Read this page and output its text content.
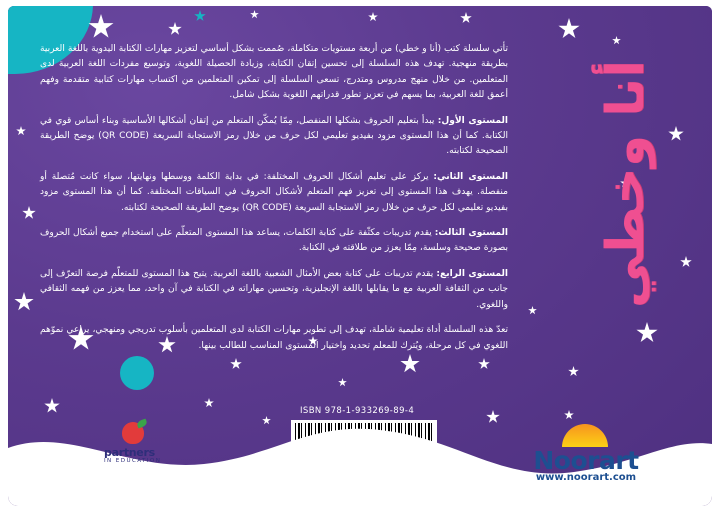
تأتي سلسلة كتب (أنا و خطي) من أربعة مستويات متكاملة، صُممت بشكل أساسي لتعزيز مهارات الكتابة اليدوية باللغة العربية بطريقة منهجية. تهدف هذه السلسلة إلى تحسين إتقان الكتابة، وزيادة الحصيلة اللغوية، وتوسيع مفردات اللغة العربية لدى المتعلمين. من خلال منهج مدروس ومتدرج، تسعى السلسلة إلى تمكين المتعلمين من اكتساب مهارات كتابية متقدمة وفهم أعمق للغة العربية، بما يسهم في تعزيز تطور قدراتهم اللغوية بشكل شامل.

المستوى الأول: يبدأ بتعليم الحروف بشكلها المنفصل، مِمّا يُمكّن المتعلم من إتقان أشكالها الأساسية وبناء أساس قوي في الكتابة. كما أن هذا المستوى مزود بفيديو تعليمي لكل حرف من خلال رمز الاستجابة السريعة (QR CODE) يوضح الطريقة الصحيحة لكتابته.

المستوى الثاني: يركز على تعليم أشكال الحروف المختلفة: في بداية الكلمة ووسطها ونهايتها، سواء كانت مُتصلة أو منفصلة. يهدف هذا المستوى إلى تعزيز فهم المتعلم لأشكال الحروف في السياقات المختلفة. كما أن هذا المستوى مزود بفيديو تعليمي لكل حرف من خلال رمز الاستجابة السريعة (QR CODE) يوضح الطريقة الصحيحة لكتابته.

المستوى الثالث: يقدم تدريبات مكثّفة على كتابة الكلمات، يساعد هذا المستوى المتعلّم على استخدام جميع أشكال الحروف بصورة صحيحة وسلسة، مِمّا يعزز من طلاقته في الكتابة.

المستوى الرابع: يقدم تدريبات على كتابة بعض الأمثال الشعبية باللغة العربية. يتيح هذا المستوى للمتعلّم فرصة التعرّف إلى جانب من الثقافة العربية مع ما يقابلها باللغة الإنجليزية، وتحسين مهاراته في الكتابة في آن واحد، مما يعزز من فهمه الثقافي واللغوي.

تعدّ هذه السلسلة أداة تعليمية شاملة، تهدف إلى تطوير مهارات الكتابة لدى المتعلمين بأسلوب تدريجي ومنهجي، يراعي نموّهم اللغوي في كل مرحلة، ويُترك للمعلم تحديد واختيار المستوى المناسب للطالب بينها.

أنا وخطي
ISBN 978-1-933269-89-4
partners
IN EDUCATION	Noorart
www.noorart.com
